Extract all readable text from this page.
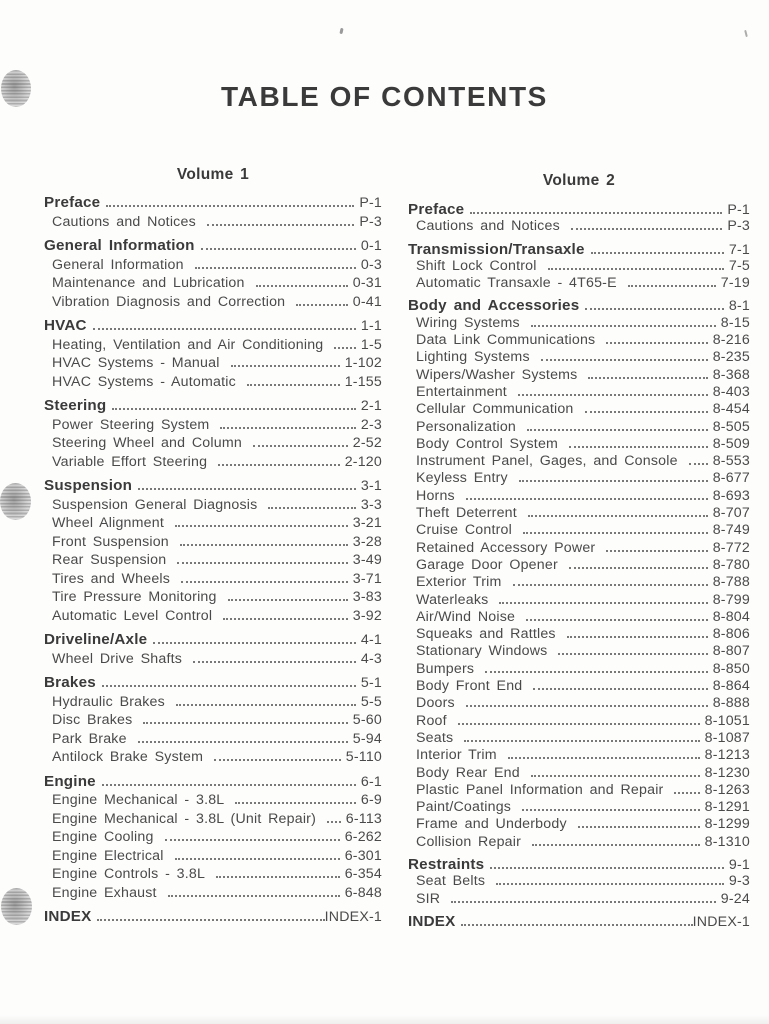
TABLE OF CONTENTS
Volume 1
Preface	P-1
Cautions and Notices	P-3
General Information	0-1
General Information	0-3
Maintenance and Lubrication	0-31
Vibration Diagnosis and Correction	0-41
HVAC	1-1
Heating, Ventilation and Air Conditioning	1-5
HVAC Systems - Manual	1-102
HVAC Systems - Automatic	1-155
Steering	2-1
Power Steering System	2-3
Steering Wheel and Column	2-52
Variable Effort Steering	2-120
Suspension	3-1
Suspension General Diagnosis	3-3
Wheel Alignment	3-21
Front Suspension	3-28
Rear Suspension	3-49
Tires and Wheels	3-71
Tire Pressure Monitoring	3-83
Automatic Level Control	3-92
Driveline/Axle	4-1
Wheel Drive Shafts	4-3
Brakes	5-1
Hydraulic Brakes	5-5
Disc Brakes	5-60
Park Brake	5-94
Antilock Brake System	5-110
Engine	6-1
Engine Mechanical - 3.8L	6-9
Engine Mechanical - 3.8L (Unit Repair) 6-113
Engine Cooling	6-262
Engine Electrical	6-301
Engine Controls - 3.8L	6-354
Engine Exhaust	6-848
INDEX	INDEX-1
Volume 2
Preface	P-1
Cautions and Notices	P-3
Transmission/Transaxle	7-1
Shift Lock Control	7-5
Automatic Transaxle - 4T65-E	7-19
Body and Accessories	8-1
Wiring Systems	8-15
Data Link Communications	8-216
Lighting Systems	8-235
Wipers/Washer Systems	8-368
Entertainment	8-403
Cellular Communication	8-454
Personalization	8-505
Body Control System	8-509
Instrument Panel, Gages, and Console 8-553
Keyless Entry	8-677
Horns	8-693
Theft Deterrent	8-707
Cruise Control	8-749
Retained Accessory Power	8-772
Garage Door Opener	8-780
Exterior Trim	8-788
Waterleaks	8-799
Air/Wind Noise	8-804
Squeaks and Rattles	8-806
Stationary Windows	8-807
Bumpers	8-850
Body Front End	8-864
Doors	8-888
Roof	8-1051
Seats	8-1087
Interior Trim	8-1213
Body Rear End	8-1230
Plastic Panel Information and Repair	8-1263
Paint/Coatings	8-1291
Frame and Underbody	8-1299
Collision Repair	8-1310
Restraints	9-1
Seat Belts	9-3
SIR	9-24
INDEX	INDEX-1
